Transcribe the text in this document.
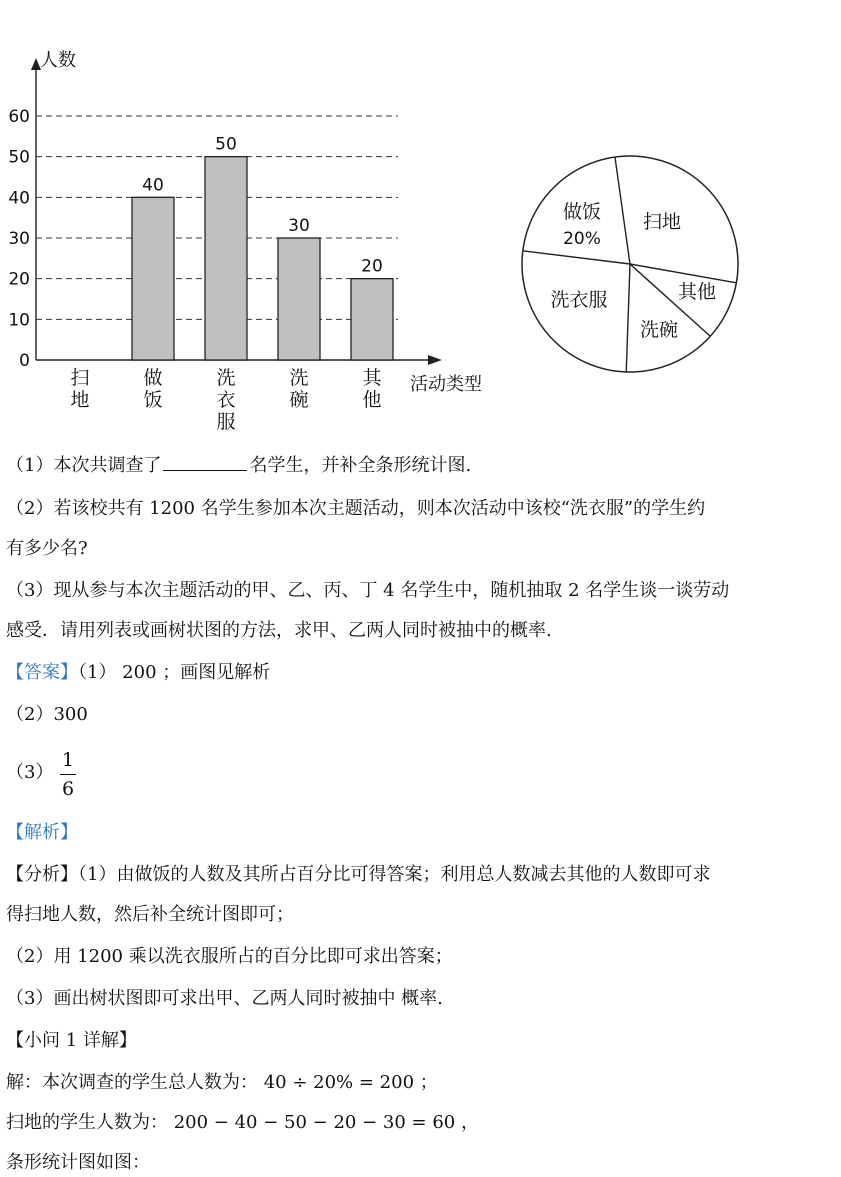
人数
活动类型
0
10
20
30
40
50
60
扫
地
40
做
饭
50
洗
衣
服
30
洗
碗
20
其
他
做饭
20%
扫地
其他
洗碗
洗衣服
（1）本次共调查了	名学生，并补全条形统计图.
（2）若该校共有 1200 名学生参加本次主题活动，则本次活动中该校“洗衣服”的学生约
有多少名?
（3）现从参与本次主题活动的甲、乙、丙、丁 4 名学生中，随机抽取 2 名学生谈一谈劳动
感受．请用列表或画树状图的方法，求甲、乙两人同时被抽中的概率.
【答案】（1） 200 ；画图见解析
（2）300
（3）
1
6
【解析】
【分析】（1）由做饭的人数及其所占百分比可得答案；利用总人数减去其他的人数即可求
得扫地人数，然后补全统计图即可；
（2）用 1200 乘以洗衣服所占的百分比即可求出答案；
（3）画出树状图即可求出甲、乙两人同时被抽中 概率.
【小问 1 详解】
解：本次调查的学生总人数为： 40 ÷ 20% = 200 ；
扫地的学生人数为： 200 − 40 − 50 − 20 − 30 = 60 ，
条形统计图如图：
